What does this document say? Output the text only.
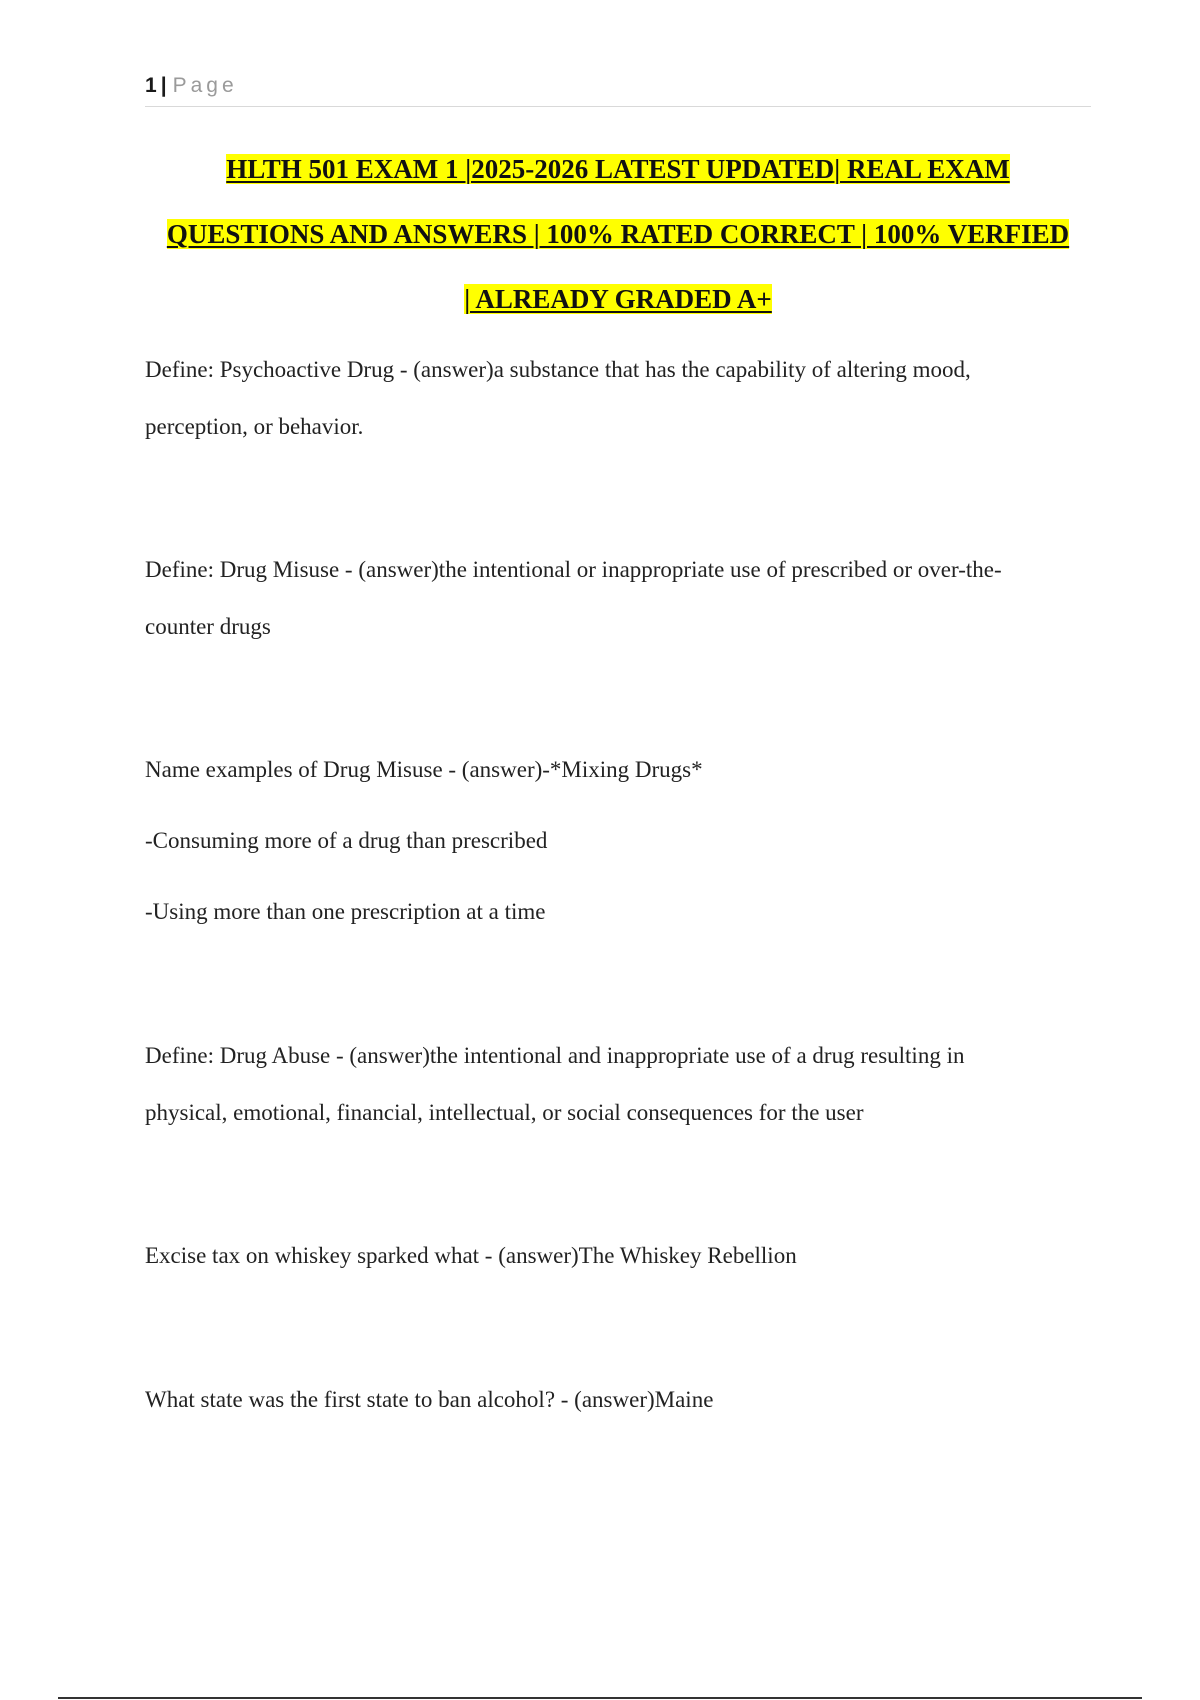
1 | Page
HLTH 501 EXAM 1 |2025-2026 LATEST UPDATED| REAL EXAM
QUESTIONS AND ANSWERS | 100% RATED CORRECT | 100% VERFIED
| ALREADY GRADED A+

Define: Psychoactive Drug - (answer)a substance that has the capability of altering mood,

perception, or behavior.

Define: Drug Misuse - (answer)the intentional or inappropriate use of prescribed or over-the-

counter drugs

Name examples of Drug Misuse - (answer)-*Mixing Drugs*

-Consuming more of a drug than prescribed

-Using more than one prescription at a time

Define: Drug Abuse - (answer)the intentional and inappropriate use of a drug resulting in

physical, emotional, financial, intellectual, or social consequences for the user

Excise tax on whiskey sparked what - (answer)The Whiskey Rebellion

What state was the first state to ban alcohol? - (answer)Maine
